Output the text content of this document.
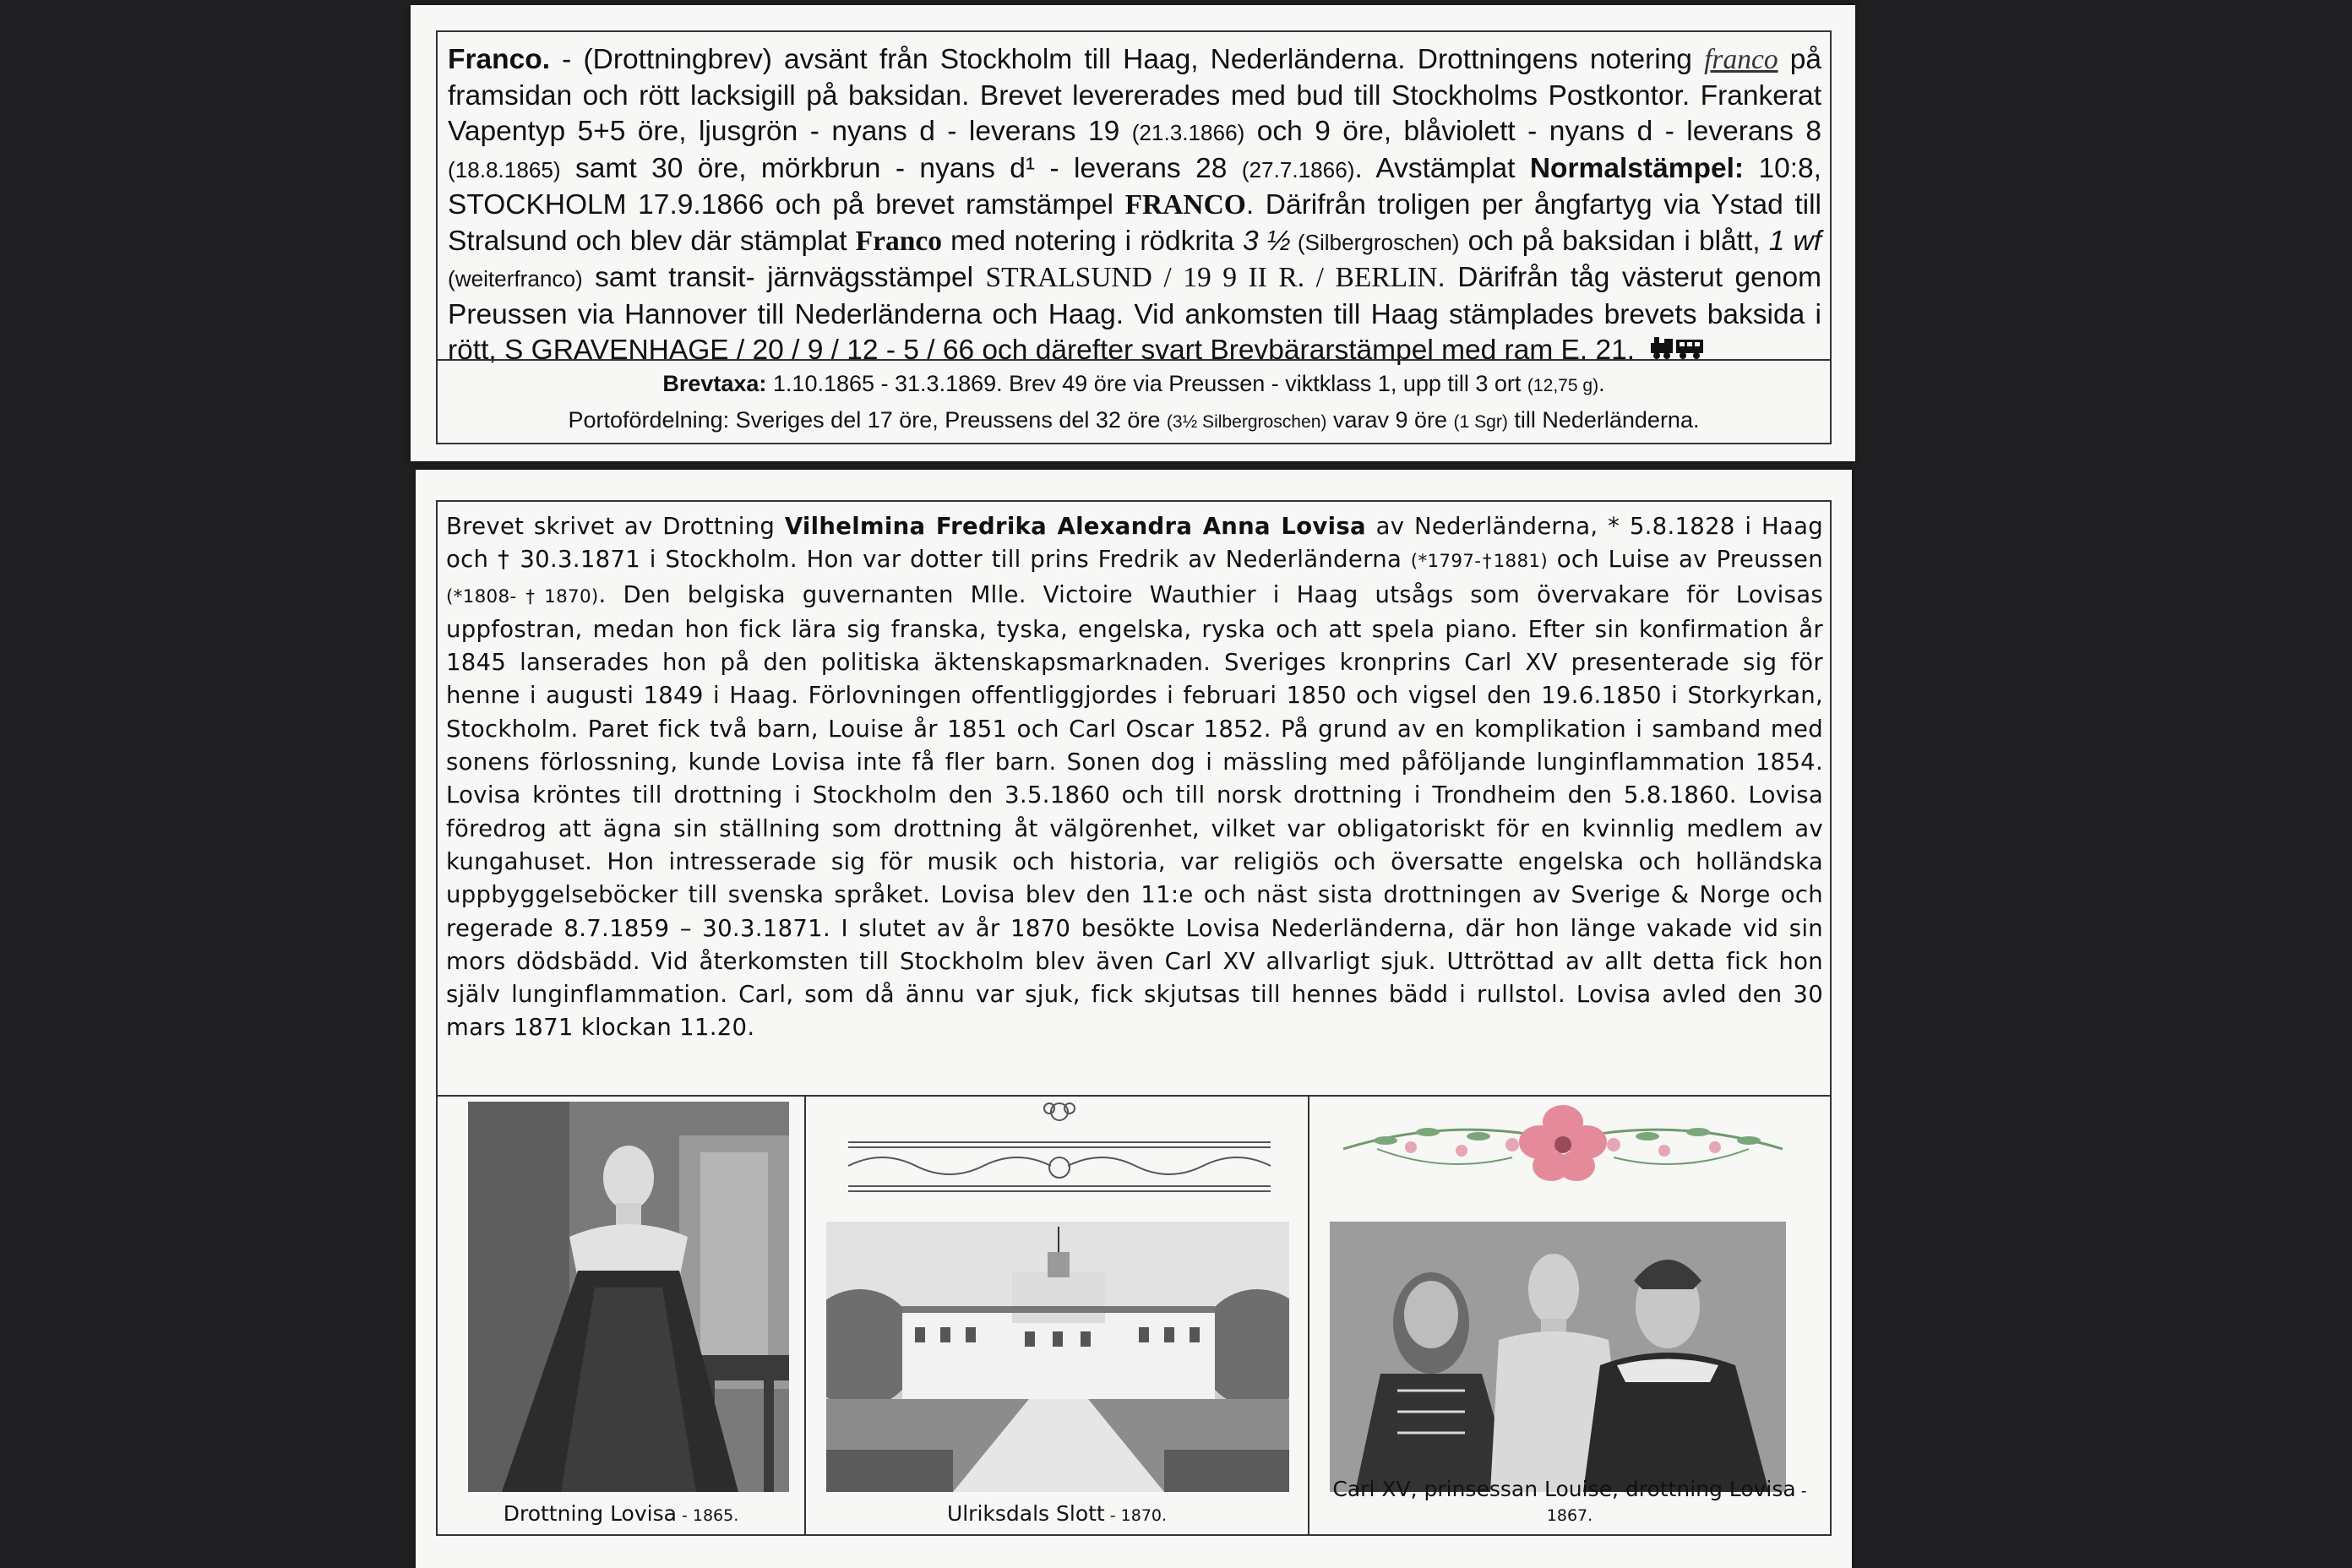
Franco. - (Drottningbrev) avsänt från Stockholm till Haag, Nederländerna. Drottningens notering franco på framsidan och rött lacksigill på baksidan. Brevet levererades med bud till Stockholms Postkontor. Frankerat Vapentyp 5+5 öre, ljusgrön - nyans d - leverans 19 (21.3.1866) och 9 öre, blåviolett - nyans d - leverans 8 (18.8.1865) samt 30 öre, mörkbrun - nyans d¹ - leverans 28 (27.7.1866). Avstämplat Normalstämpel: 10:8, STOCKHOLM 17.9.1866 och på brevet ramstämpel FRANCO. Därifrån troligen per ångfartyg via Ystad till Stralsund och blev där stämplat Franco med notering i rödkrita 3 ½ (Silbergroschen) och på baksidan i blått, 1 wf (weiterfranco) samt transit- järnvägsstämpel STRALSUND / 19 9 II R. / BERLIN. Därifrån tåg västerut genom Preussen via Hannover till Nederländerna och Haag. Vid ankomsten till Haag stämplades brevets baksida i rött, S GRAVENHAGE / 20 / 9 / 12 - 5 / 66 och därefter svart Brevbärarstämpel med ram E. 21.
Brevtaxa: 1.10.1865 - 31.3.1869. Brev 49 öre via Preussen - viktklass 1, upp till 3 ort (12,75 g).
Portofördelning: Sveriges del 17 öre, Preussens del 32 öre (3½ Silbergroschen) varav 9 öre (1 Sgr) till Nederländerna.
Brevet skrivet av Drottning Vilhelmina Fredrika Alexandra Anna Lovisa av Nederländerna, * 5.8.1828 i Haag och † 30.3.1871 i Stockholm. Hon var dotter till prins Fredrik av Nederländerna (*1797-†1881) och Luise av Preussen (*1808-†1870). Den belgiska guvernanten Mlle. Victoire Wauthier i Haag utsågs som övervakare för Lovisas uppfostran, medan hon fick lära sig franska, tyska, engelska, ryska och att spela piano. Efter sin konfirmation år 1845 lanserades hon på den politiska äktenskapsmarknaden. Sveriges kronprins Carl XV presenterade sig för henne i augusti 1849 i Haag. Förlovningen offentliggjordes i februari 1850 och vigsel den 19.6.1850 i Storkyrkan, Stockholm. Paret fick två barn, Louise år 1851 och Carl Oscar 1852. På grund av en komplikation i samband med sonens förlossning, kunde Lovisa inte få fler barn. Sonen dog i mässling med påföljande lunginflammation 1854. Lovisa kröntes till drottning i Stockholm den 3.5.1860 och till norsk drottning i Trondheim den 5.8.1860. Lovisa föredrog att ägna sin ställning som drottning åt välgörenhet, vilket var obligatoriskt för en kvinnlig medlem av kungahuset. Hon intresserade sig för musik och historia, var religiös och översatte engelska och holländska uppbyggelseböcker till svenska språket. Lovisa blev den 11:e och näst sista drottningen av Sverige & Norge och regerade 8.7.1859 – 30.3.1871. I slutet av år 1870 besökte Lovisa Nederländerna, där hon länge vakade vid sin mors dödsbädd. Vid återkomsten till Stockholm blev även Carl XV allvarligt sjuk. Uttröttad av allt detta fick hon själv lunginflammation. Carl, som då ännu var sjuk, fick skjutsas till hennes bädd i rullstol. Lovisa avled den 30 mars 1871 klockan 11.20.
Drottning Lovisa - 1865.	Ulriksdals Slott - 1870.
Carl XV, prinsessan Louise, drottning Lovisa - 1867.
